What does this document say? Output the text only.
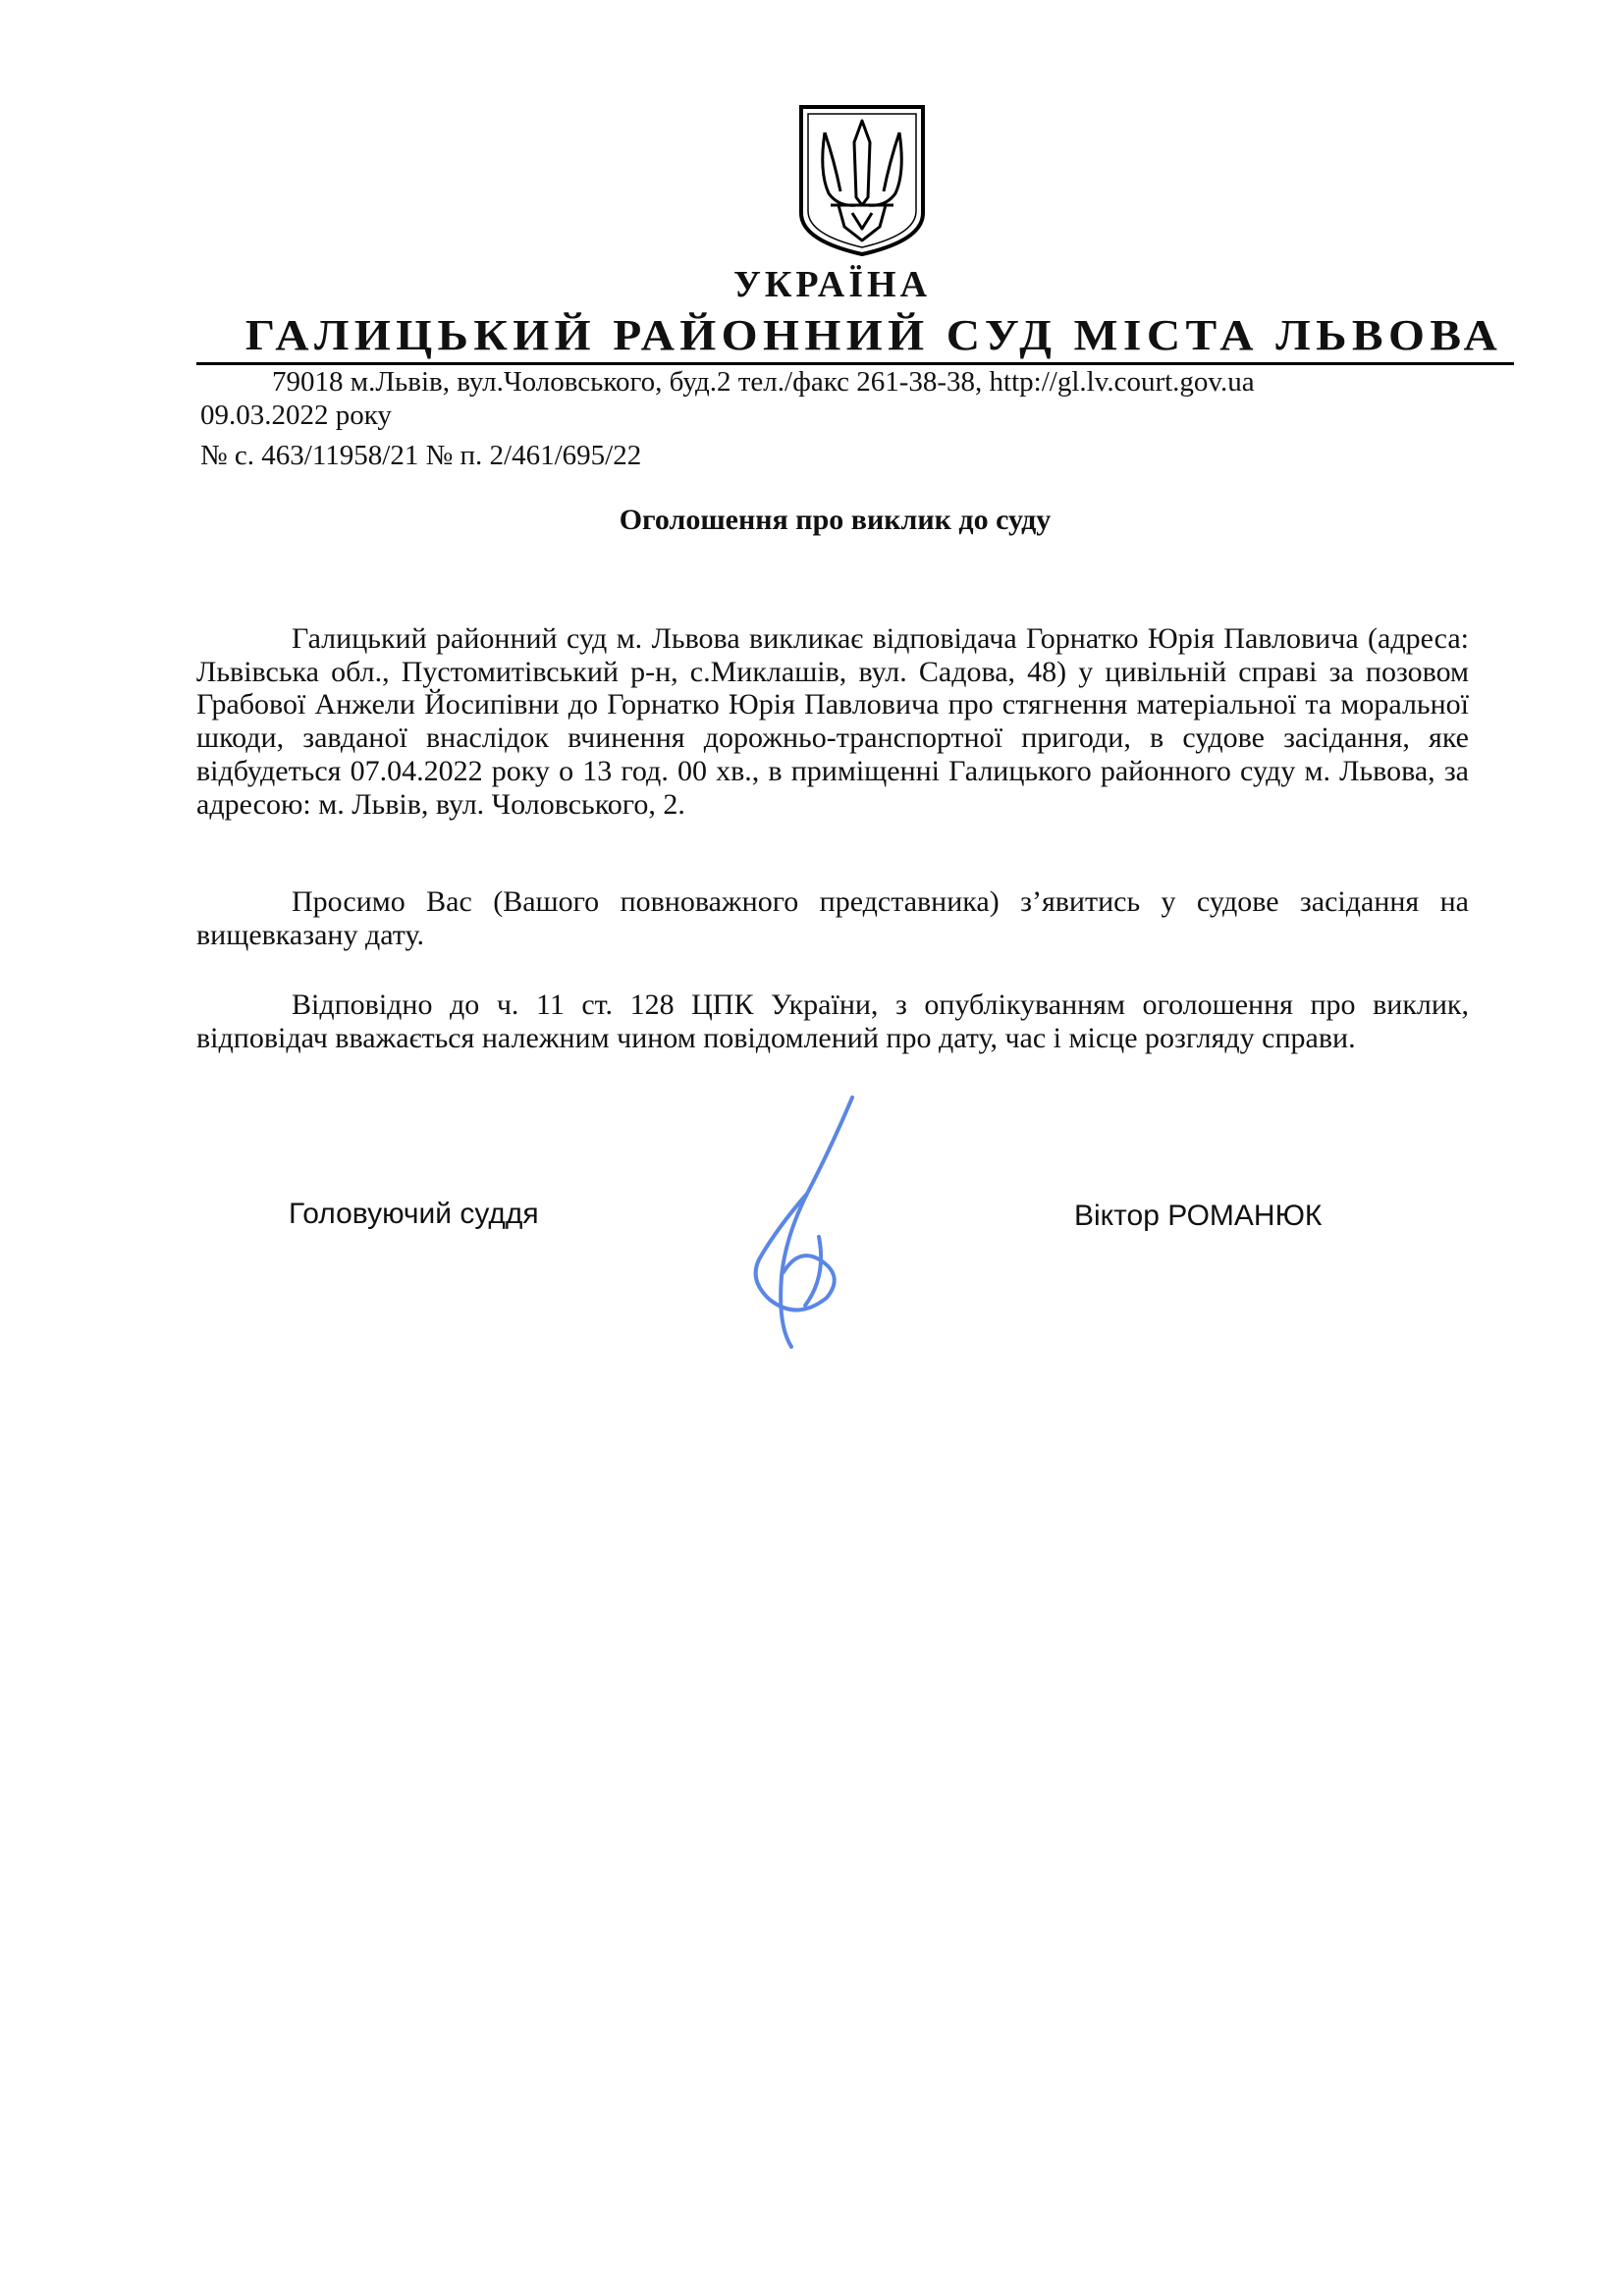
УКРАЇНА
ГАЛИЦЬКИЙ РАЙОННИЙ СУД МІСТА ЛЬВОВА
79018 м.Львів, вул.Чоловського, буд.2 тел./факс 261-38-38, http://gl.lv.court.gov.ua
09.03.2022 року
№ с. 463/11958/21 № п. 2/461/695/22
Оголошення про виклик до суду

Галицький районний суд м. Львова викликає відповідача Горнатко Юрія Павловича (адреса: Львівська обл., Пустомитівський р-н, с.Миклашів, вул. Садова, 48) у цивільній справі за позовом Грабової Анжели Йосипівни до Горнатко Юрія Павловича про стягнення матеріальної та моральної шкоди, завданої внаслідок вчинення дорожньо-транспортної пригоди, в судове засідання, яке відбудеться 07.04.2022 року о 13 год. 00 хв., в приміщенні Галицького районного суду м. Львова, за адресою: м. Львів, вул. Чоловського, 2.

Просимо Вас (Вашого повноважного представника) з’явитись у судове засідання на вищевказану дату.

Відповідно до ч. 11 ст. 128 ЦПК України, з опублікуванням оголошення про виклик, відповідач вважається належним чином повідомлений про дату, час і місце розгляду справи.

Головуючий суддя	Віктор РОМАНЮК
